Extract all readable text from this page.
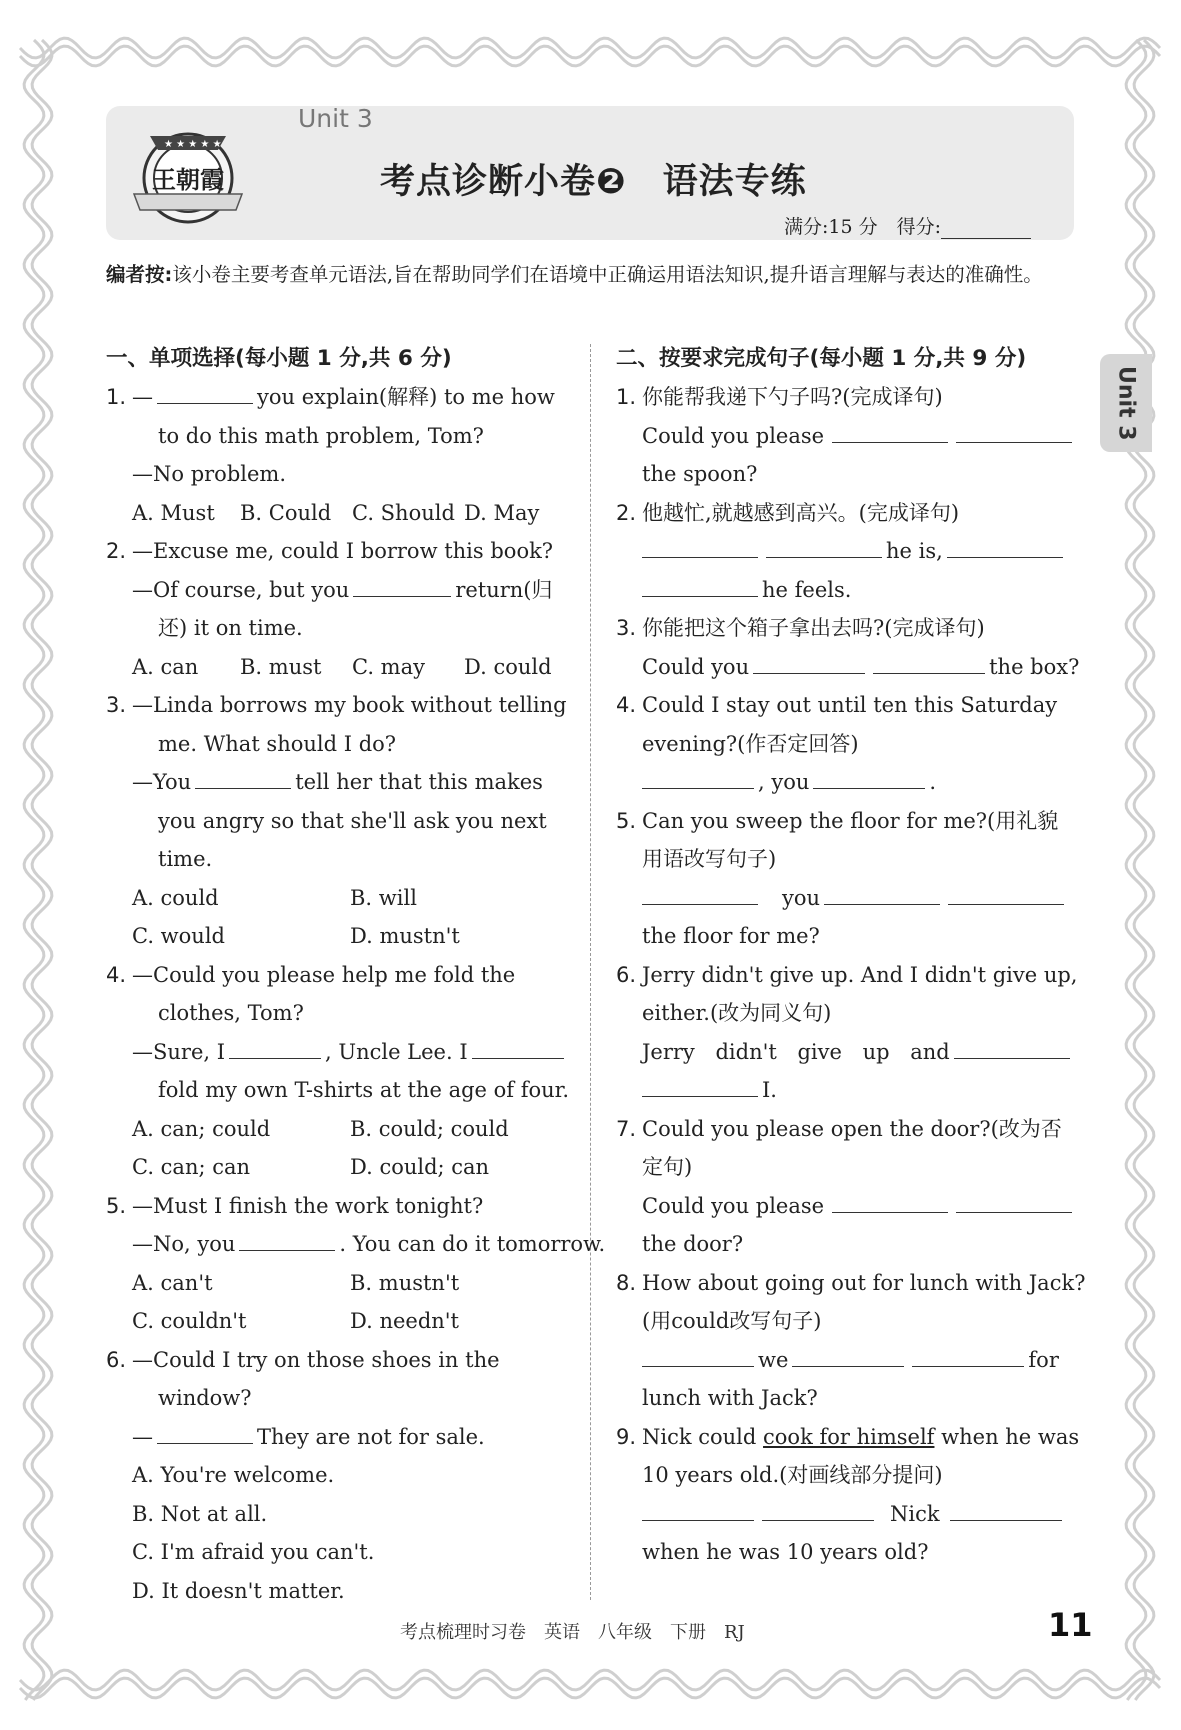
★ ★ ★ ★ ★
王朝霞
Unit 3
考点诊断小卷❷　语法专练
满分:15 分　得分:
编者按:该小卷主要考查单元语法,旨在帮助同学们在语境中正确运用语法知识,提升语言理解与表达的准确性。
Unit 3
一、单项选择(每小题 1 分,共 6 分)
1. —	you explain(解释) to me how
to do this math problem, Tom?
—No problem.
A. Must	B. Could C. Should D. May
2. —Excuse me, could I borrow this book?
—Of course, but you	return(归
还) it on time.
A. can	B. must	C. may	D. could
3. —Linda borrows my book without telling
me. What should I do?
—You	tell her that this makes
you angry so that she'll ask you next
time.
A. could	B. will
C. would	D. mustn't
4. —Could you please help me fold the
clothes, Tom?
—Sure, I	, Uncle Lee. I
fold my own T-shirts at the age of four.
A. can; could	B. could; could
C. can; can	D. could; can
5. —Must I finish the work tonight?
—No, you	. You can do it tomorrow.
A. can't	B. mustn't
C. couldn't	D. needn't
6. —Could I try on those shoes in the
window?
—	They are not for sale.
A. You're welcome.
B. Not at all.
C. I'm afraid you can't.
D. It doesn't matter.
二、按要求完成句子(每小题 1 分,共 9 分)
1. 你能帮我递下勺子吗?(完成译句)
Could you please
the spoon?
2. 他越忙,就越感到高兴。(完成译句)
he is,
he feels.
3. 你能把这个箱子拿出去吗?(完成译句)
Could you	the box?
4. Could I stay out until ten this Saturday
evening?(作否定回答)
, you	.
5. Can you sweep the floor for me?(用礼貌
用语改写句子)
you
the floor for me?
6. Jerry didn't give up. And I didn't give up,
either.(改为同义句)
Jerry didn't give up and
I.
7. Could you please open the door?(改为否
定句)
Could you please
the door?
8. How about going out for lunch with Jack?
(用could改写句子)
we	for
lunch with Jack?
9. Nick could cook for himself when he was
10 years old.(对画线部分提问)
Nick
when he was 10 years old?
考点梳理时习卷　英语　八年级　下册　RJ	11
